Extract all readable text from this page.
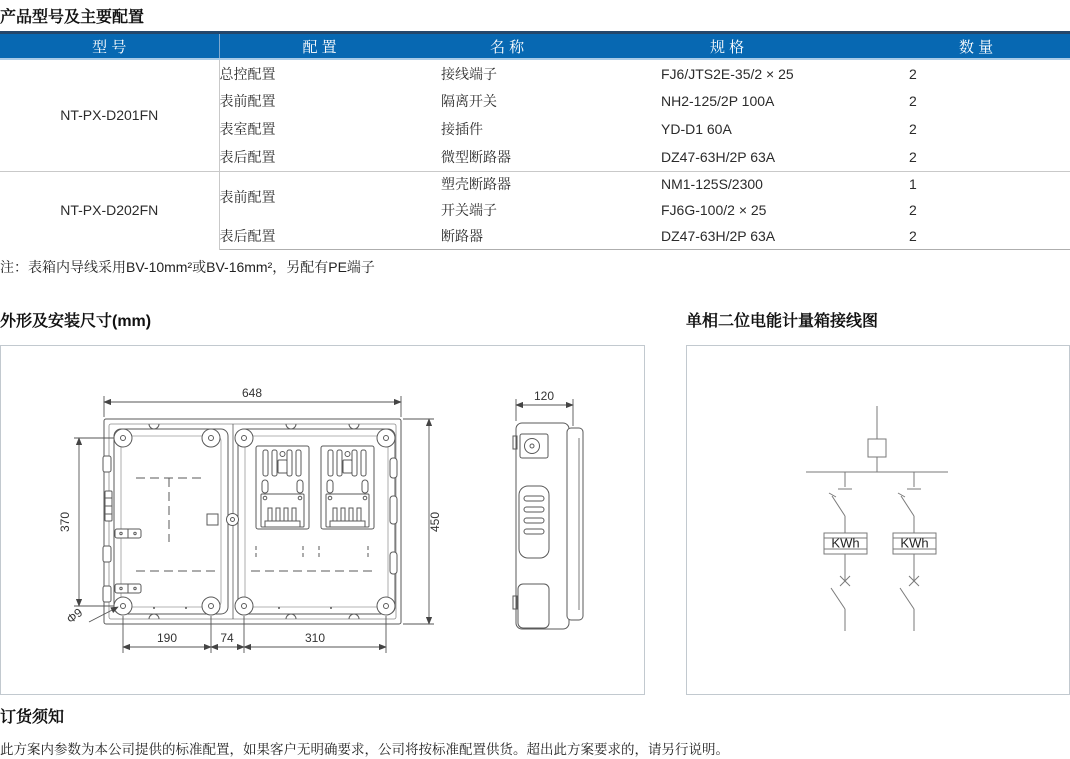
产品型号及主要配置
型 号	配 置	名 称	规 格	数 量
NT-PX-D201FN	总控配置	接线端子	FJ6/JTS2E-35/2 × 25	2
	表前配置	隔离开关	NH2-125/2P 100A	2
	表室配置	接插件	YD-D1 60A	2
	表后配置	微型断路器	DZ47-63H/2P 63A	2
NT-PX-D202FN	表前配置	塑壳断路器	NM1-125S/2300	1
		开关端子	FJ6G-100/2 × 25	2
	表后配置	断路器	DZ47-63H/2P 63A	2
注：表箱内导线采用BV-10mm²或BV-16mm²，另配有PE端子
外形及安装尺寸(mm)	单相二位电能计量箱接线图
648
450
370
Φ9
190	74	310
120
KWh	KWh
订货须知
此方案内参数为本公司提供的标准配置，如果客户无明确要求，公司将按标准配置供货。超出此方案要求的，请另行说明。
